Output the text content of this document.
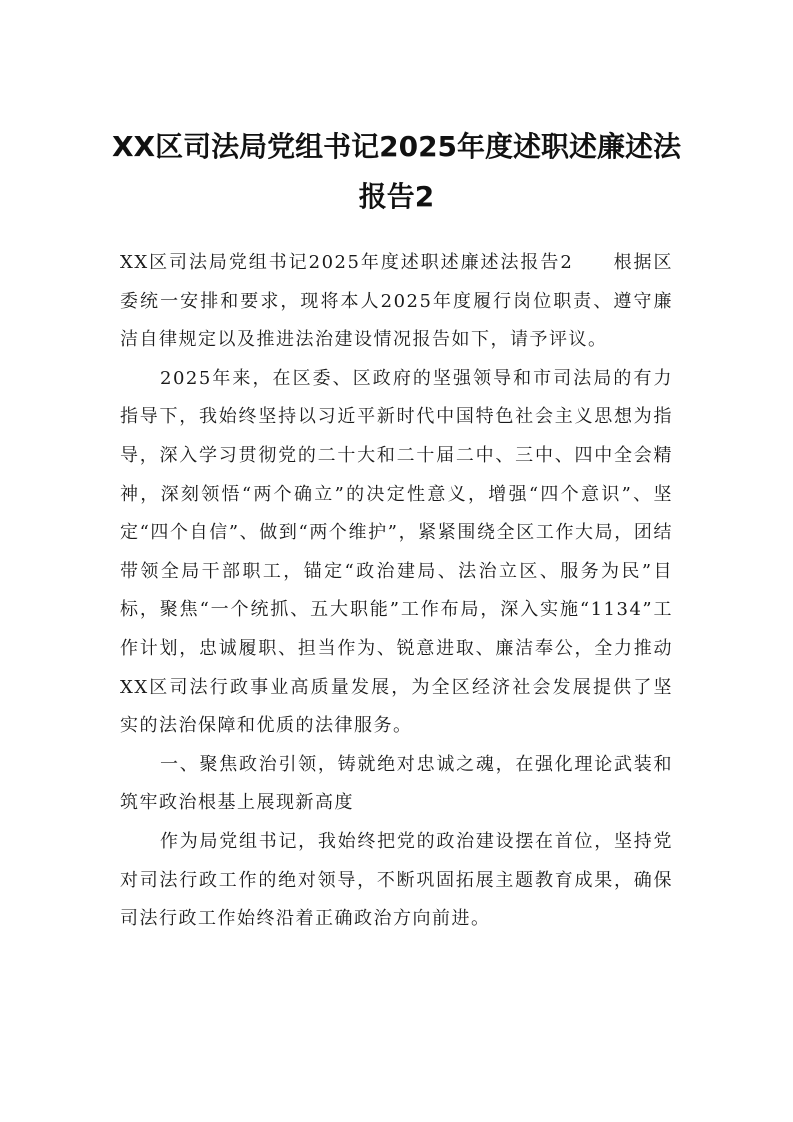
XX区司法局党组书记2025年度述职述廉述法报告2

XX区司法局党组书记2025年度述职述廉述法报告2　　根据区委统一安排和要求，现将本人2025年度履行岗位职责、遵守廉洁自律规定以及推进法治建设情况报告如下，请予评议。

2025年来，在区委、区政府的坚强领导和市司法局的有力指导下，我始终坚持以习近平新时代中国特色社会主义思想为指导，深入学习贯彻党的二十大和二十届二中、三中、四中全会精神，深刻领悟“两个确立”的决定性意义，增强“四个意识”、坚定“四个自信”、做到“两个维护”，紧紧围绕全区工作大局，团结带领全局干部职工，锚定“政治建局、法治立区、服务为民”目标，聚焦“一个统抓、五大职能”工作布局，深入实施“1134”工作计划，忠诚履职、担当作为、锐意进取、廉洁奉公，全力推动XX区司法行政事业高质量发展，为全区经济社会发展提供了坚实的法治保障和优质的法律服务。

一、聚焦政治引领，铸就绝对忠诚之魂，在强化理论武装和筑牢政治根基上展现新高度

作为局党组书记，我始终把党的政治建设摆在首位，坚持党对司法行政工作的绝对领导，不断巩固拓展主题教育成果，确保司法行政工作始终沿着正确政治方向前进。
